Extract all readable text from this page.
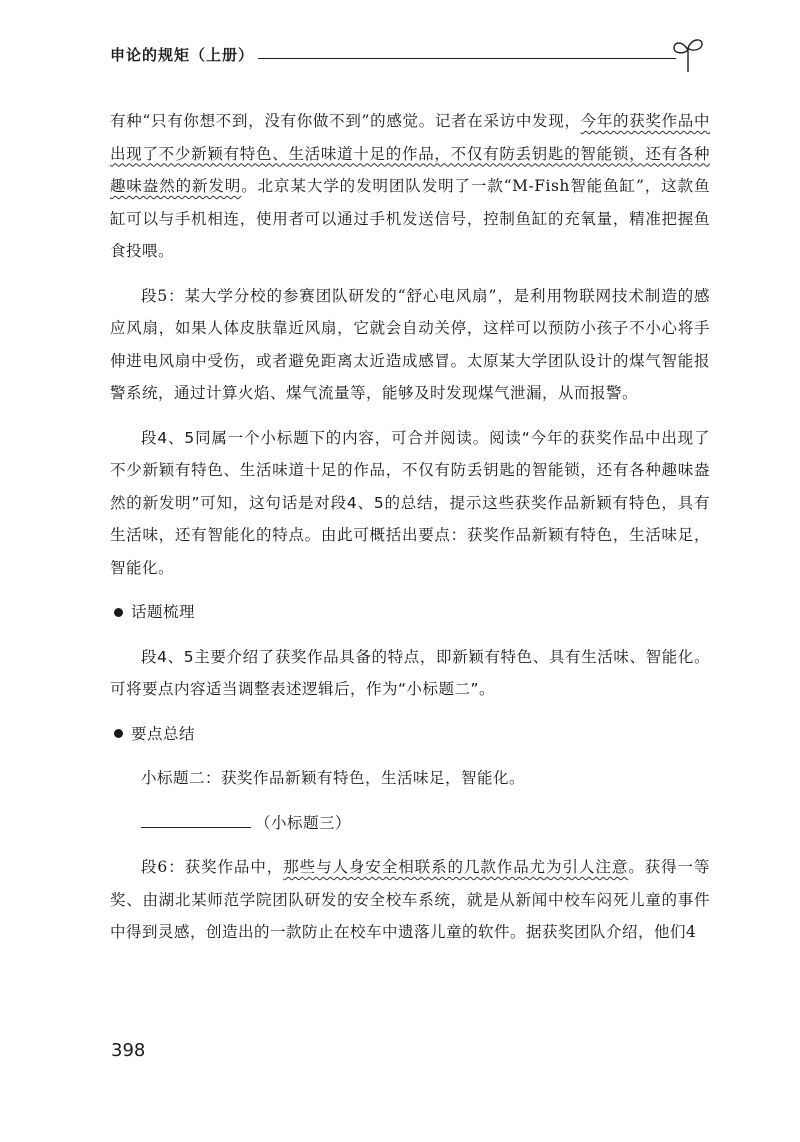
申论的规矩（上册）

有种“只有你想不到，没有你做不到”的感觉。记者在采访中发现，今年的获奖作品中出现了不少新颖有特色、生活味道十足的作品，不仅有防丢钥匙的智能锁，还有各种趣味盎然的新发明。北京某大学的发明团队发明了一款“M-Fish智能鱼缸”，这款鱼缸可以与手机相连，使用者可以通过手机发送信号，控制鱼缸的充氧量，精准把握鱼食投喂。

段5：某大学分校的参赛团队研发的“舒心电风扇”，是利用物联网技术制造的感应风扇，如果人体皮肤靠近风扇，它就会自动关停，这样可以预防小孩子不小心将手伸进电风扇中受伤，或者避免距离太近造成感冒。太原某大学团队设计的煤气智能报警系统，通过计算火焰、煤气流量等，能够及时发现煤气泄漏，从而报警。

段4、5同属一个小标题下的内容，可合并阅读。阅读“今年的获奖作品中出现了不少新颖有特色、生活味道十足的作品，不仅有防丢钥匙的智能锁，还有各种趣味盎然的新发明”可知，这句话是对段4、5的总结，提示这些获奖作品新颖有特色，具有生活味，还有智能化的特点。由此可概括出要点：获奖作品新颖有特色，生活味足，智能化。

话题梳理

段4、5主要介绍了获奖作品具备的特点，即新颖有特色、具有生活味、智能化。可将要点内容适当调整表述逻辑后，作为“小标题二”。

要点总结

小标题二：获奖作品新颖有特色，生活味足，智能化。

（小标题三）

段6：获奖作品中，那些与人身安全相联系的几款作品尤为引人注意。获得一等奖、由湖北某师范学院团队研发的安全校车系统，就是从新闻中校车闷死儿童的事件中得到灵感，创造出的一款防止在校车中遗落儿童的软件。据获奖团队介绍，他们4

398
